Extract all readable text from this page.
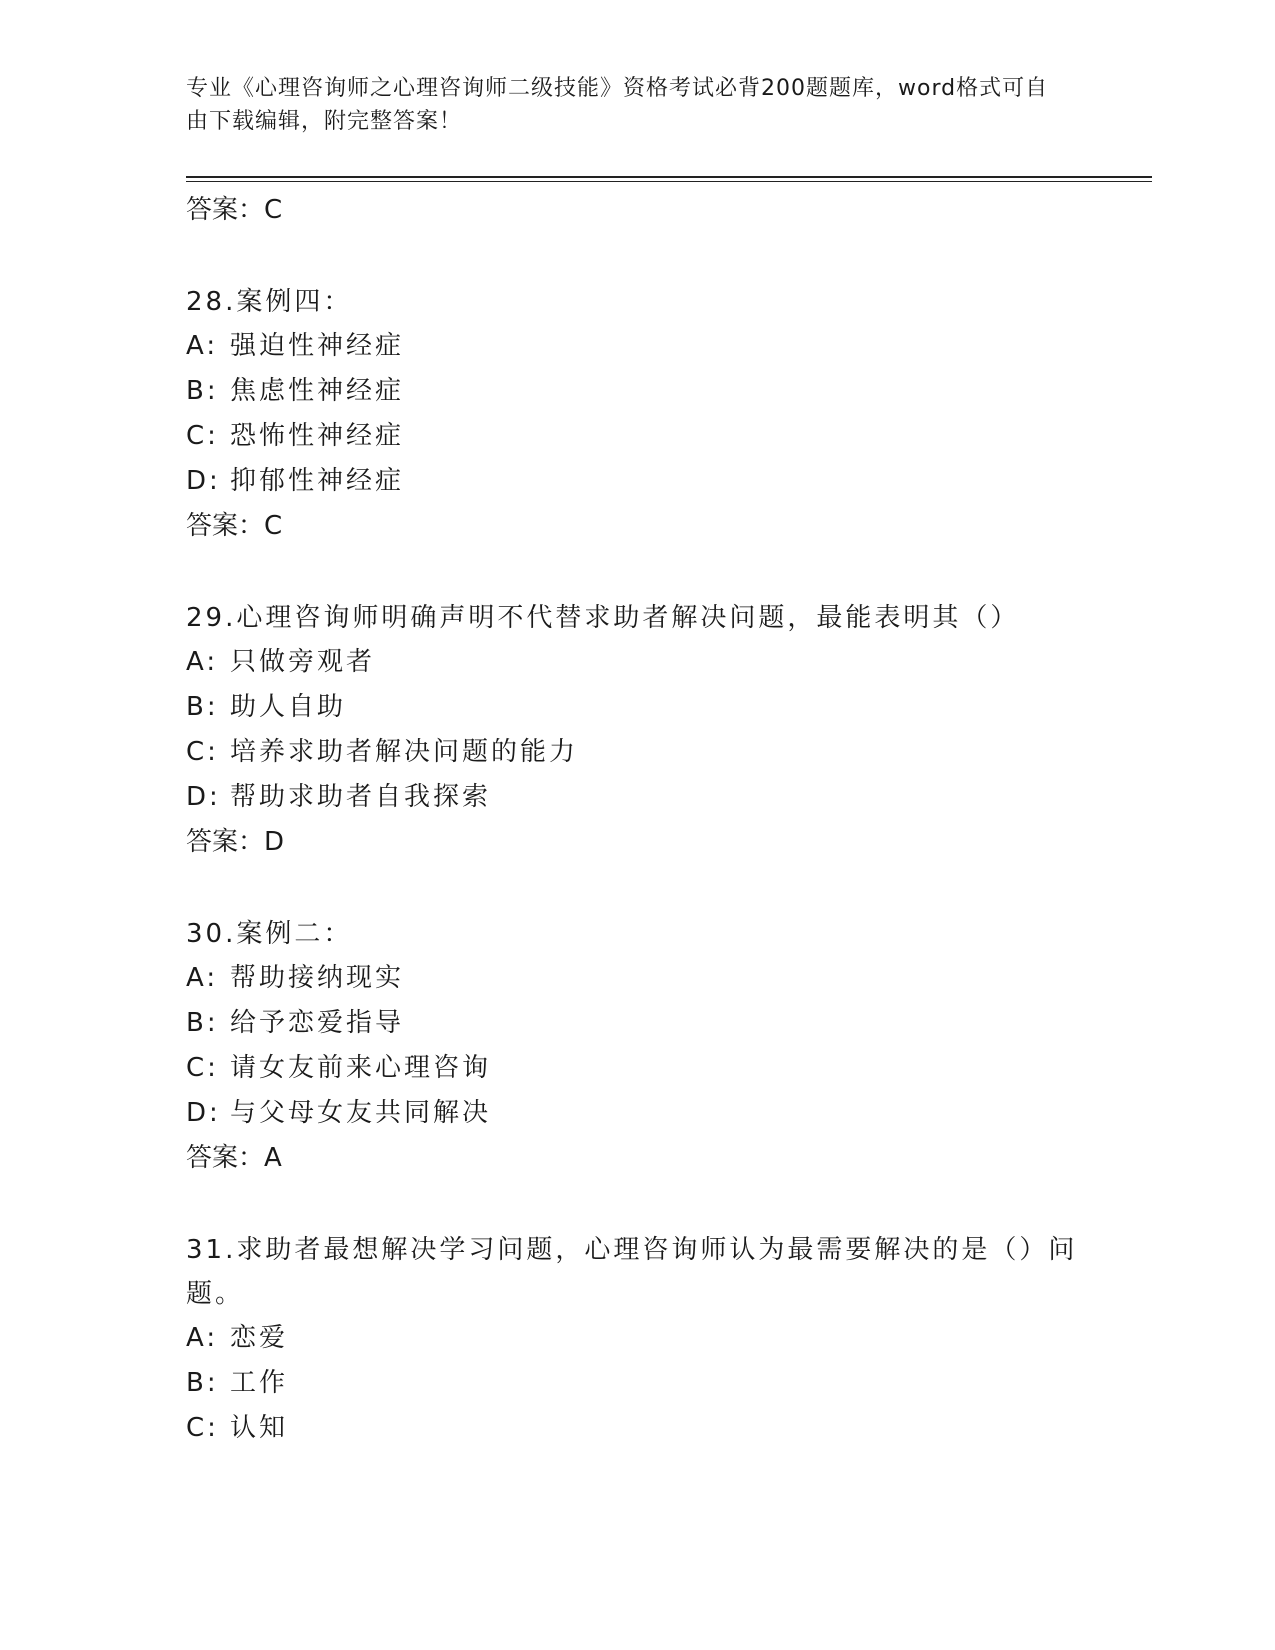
专业《心理咨询师之心理咨询师二级技能》资格考试必背200题题库，word格式可自由下载编辑，附完整答案！
答案：C
28.案例四：
A: 强迫性神经症
B: 焦虑性神经症
C: 恐怖性神经症
D: 抑郁性神经症
答案：C
29.心理咨询师明确声明不代替求助者解决问题，最能表明其（）
A: 只做旁观者
B: 助人自助
C: 培养求助者解决问题的能力
D: 帮助求助者自我探索
答案：D
30.案例二：
A: 帮助接纳现实
B: 给予恋爱指导
C: 请女友前来心理咨询
D: 与父母女友共同解决
答案：A
31.求助者最想解决学习问题，心理咨询师认为最需要解决的是（）问题。
A: 恋爱
B: 工作
C: 认知
